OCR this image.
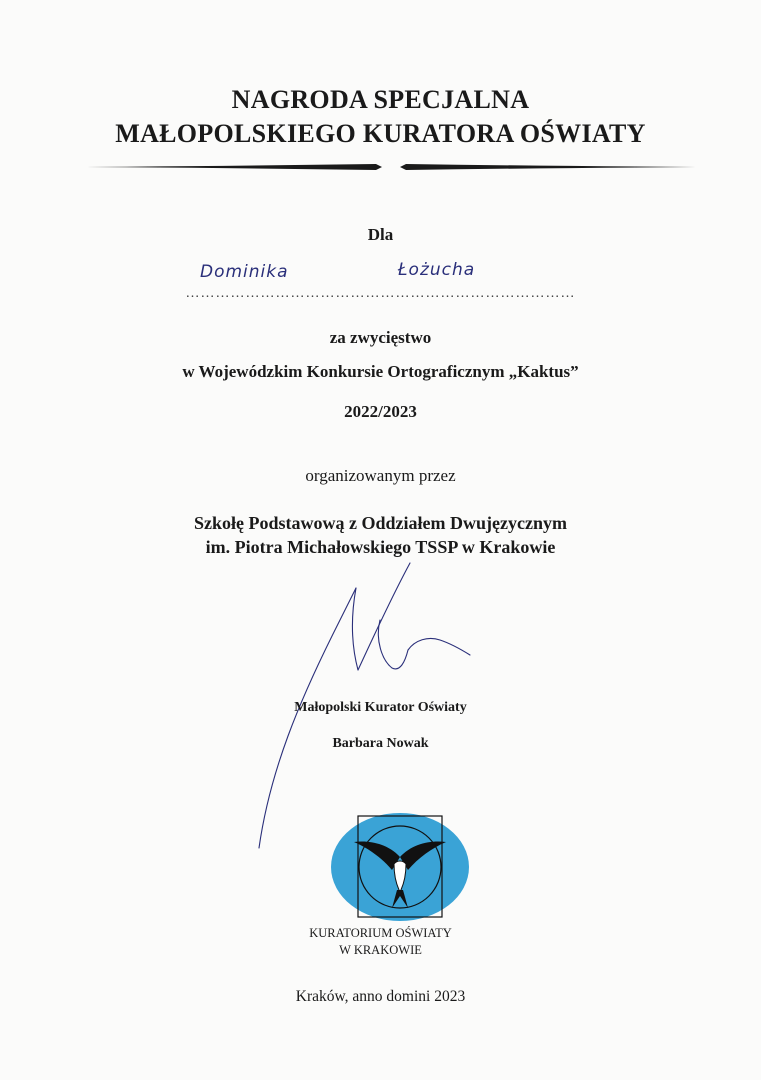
NAGRODA SPECJALNA
MAŁOPOLSKIEGO KURATORA OŚWIATY
Dla
Dominika	Łożucha
……………………………………………………………………
za zwycięstwo
w Wojewódzkim Konkursie Ortograficznym „Kaktus”
2022/2023
organizowanym przez
Szkołę Podstawową z Oddziałem Dwujęzycznym
im. Piotra Michałowskiego TSSP w Krakowie
Małopolski Kurator Oświaty
Barbara Nowak
KURATORIUM OŚWIATY
W KRAKOWIE
Kraków, anno domini 2023
